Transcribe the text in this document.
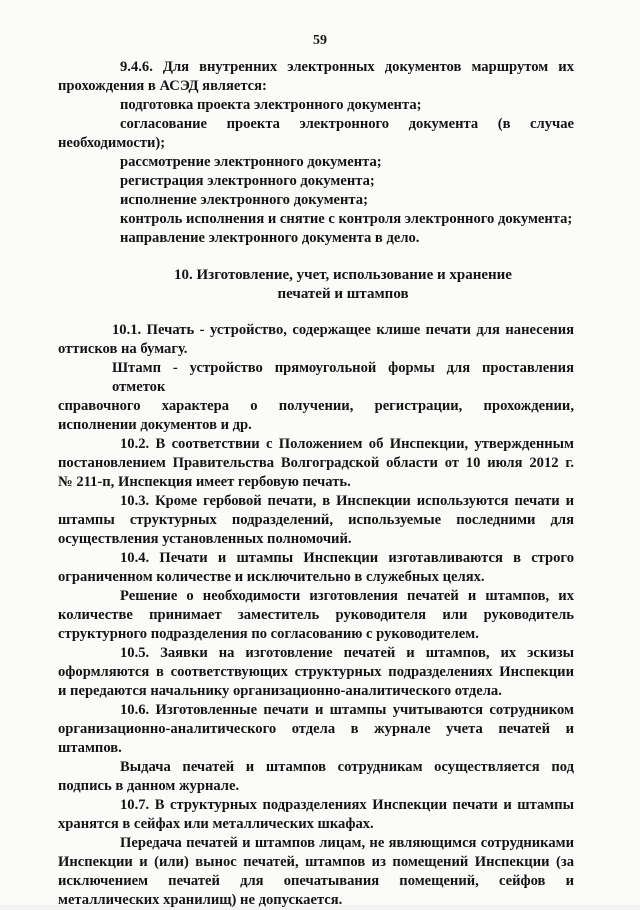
59
9.4.6. Для внутренних электронных документов маршрутом их
прохождения в АСЭД является:
подготовка проекта электронного документа;
согласование проекта электронного документа (в случае
необходимости);
рассмотрение электронного документа;
регистрация электронного документа;
исполнение электронного документа;
контроль исполнения и снятие с контроля электронного документа;
направление электронного документа в дело.
10. Изготовление, учет, использование и хранение
печатей и штампов
10.1. Печать - устройство, содержащее клише печати для нанесения
оттисков на бумагу.
Штамп - устройство прямоугольной формы для проставления отметок
справочного характера о получении, регистрации, прохождении,
исполнении документов и др.
10.2. В соответствии с Положением об Инспекции, утвержденным
постановлением Правительства Волгоградской области от 10 июля 2012 г.
№ 211-п, Инспекция имеет гербовую печать.
10.3. Кроме гербовой печати, в Инспекции используются печати и
штампы структурных подразделений, используемые последними для
осуществления установленных полномочий.
10.4. Печати и штампы Инспекции изготавливаются в строго
ограниченном количестве и исключительно в служебных целях.
Решение о необходимости изготовления печатей и штампов, их
количестве принимает заместитель руководителя или руководитель
структурного подразделения по согласованию с руководителем.
10.5. Заявки на изготовление печатей и штампов, их эскизы
оформляются в соответствующих структурных подразделениях Инспекции
и передаются начальнику организационно-аналитического отдела.
10.6. Изготовленные печати и штампы учитываются сотрудником
организационно-аналитического отдела в журнале учета печатей и
штампов.
Выдача печатей и штампов сотрудникам осуществляется под
подпись в данном журнале.
10.7. В структурных подразделениях Инспекции печати и штампы
хранятся в сейфах или металлических шкафах.
Передача печатей и штампов лицам, не являющимся сотрудниками
Инспекции и (или) вынос печатей, штампов из помещений Инспекции (за
исключением печатей для опечатывания помещений, сейфов и
металлических хранилищ) не допускается.
